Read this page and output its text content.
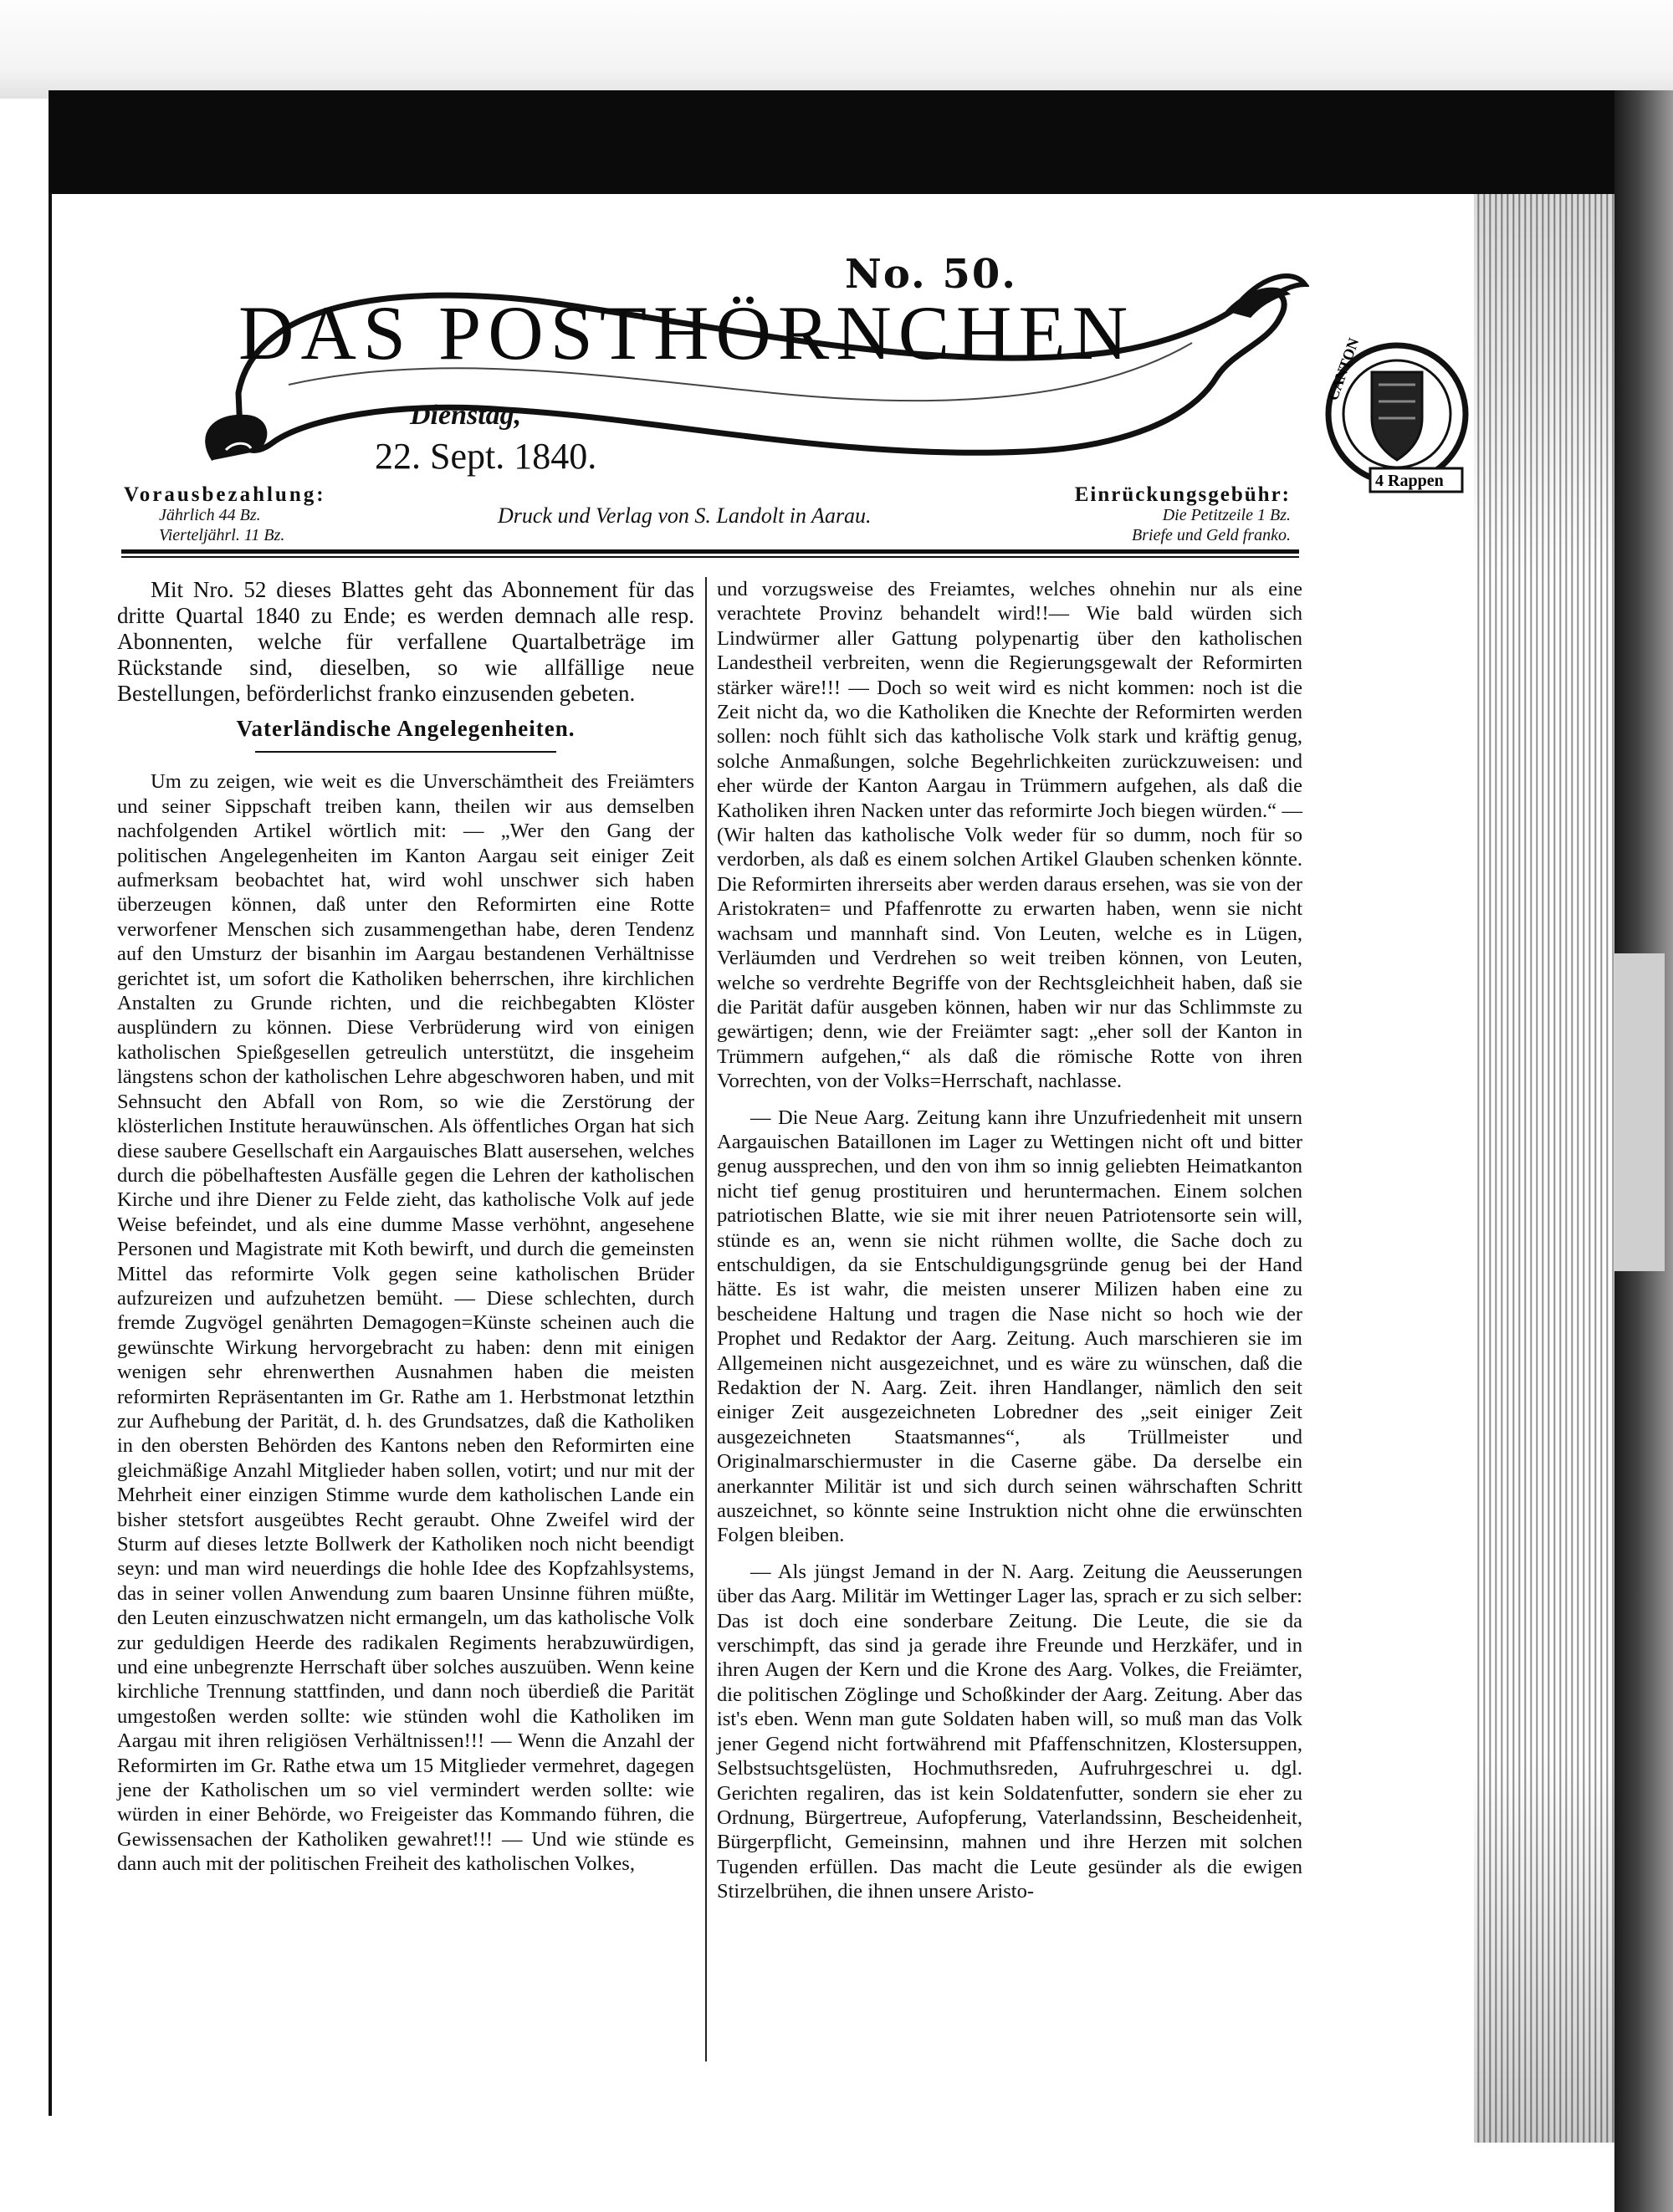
DAS POSTHÖRNCHEN
No. 50.
Dienstag,
22. Sept. 1840.
CANTON
4 Rappen
Vorausbezahlung:
Jährlich 44 Bz.
Vierteljährl. 11 Bz.
Druck und Verlag von S. Landolt in Aarau.
Einrückungsgebühr:
Die Petitzeile 1 Bz.
Briefe und Geld franko.

Mit Nro. 52 dieses Blattes geht das Abonnement für das dritte Quartal 1840 zu Ende; es werden demnach alle resp. Abonnenten, welche für verfallene Quartalbeträge im Rückstande sind, dieselben, so wie allfällige neue Bestellungen, beförderlichst franko einzusenden gebeten.

Vaterländische Angelegenheiten.

Um zu zeigen, wie weit es die Unverschämtheit des Freiämters und seiner Sippschaft treiben kann, theilen wir aus demselben nachfolgenden Artikel wörtlich mit: — „Wer den Gang der politischen Angelegenheiten im Kanton Aargau seit einiger Zeit aufmerksam beobachtet hat, wird wohl unschwer sich haben überzeugen können, daß unter den Reformirten eine Rotte verworfener Menschen sich zusammengethan habe, deren Tendenz auf den Umsturz der bisanhin im Aargau bestandenen Verhältnisse gerichtet ist, um sofort die Katholiken beherrschen, ihre kirchlichen Anstalten zu Grunde richten, und die reichbegabten Klöster ausplündern zu können. Diese Verbrüderung wird von einigen katholischen Spießgesellen getreulich unterstützt, die insgeheim längstens schon der katholischen Lehre abgeschworen haben, und mit Sehnsucht den Abfall von Rom, so wie die Zerstörung der klösterlichen Institute herauwünschen. Als öffentliches Organ hat sich diese saubere Gesellschaft ein Aargauisches Blatt ausersehen, welches durch die pöbelhaftesten Ausfälle gegen die Lehren der katholischen Kirche und ihre Diener zu Felde zieht, das katholische Volk auf jede Weise befeindet, und als eine dumme Masse verhöhnt, angesehene Personen und Magistrate mit Koth bewirft, und durch die gemeinsten Mittel das reformirte Volk gegen seine katholischen Brüder aufzureizen und aufzuhetzen bemüht. — Diese schlechten, durch fremde Zugvögel genährten Demagogen=Künste scheinen auch die gewünschte Wirkung hervorgebracht zu haben: denn mit einigen wenigen sehr ehrenwerthen Ausnahmen haben die meisten reformirten Repräsentanten im Gr. Rathe am 1. Herbstmonat letzthin zur Aufhebung der Parität, d. h. des Grundsatzes, daß die Katholiken in den obersten Behörden des Kantons neben den Reformirten eine gleichmäßige Anzahl Mitglieder haben sollen, votirt; und nur mit der Mehrheit einer einzigen Stimme wurde dem katholischen Lande ein bisher stetsfort ausgeübtes Recht geraubt. Ohne Zweifel wird der Sturm auf dieses letzte Bollwerk der Katholiken noch nicht beendigt seyn: und man wird neuerdings die hohle Idee des Kopfzahlsystems, das in seiner vollen Anwendung zum baaren Unsinne führen müßte, den Leuten einzuschwatzen nicht ermangeln, um das katholische Volk zur geduldigen Heerde des radikalen Regiments herabzuwürdigen, und eine unbegrenzte Herrschaft über solches auszuüben. Wenn keine kirchliche Trennung stattfinden, und dann noch überdieß die Parität umgestoßen werden sollte: wie stünden wohl die Katholiken im Aargau mit ihren religiösen Verhältnissen!!! — Wenn die Anzahl der Reformirten im Gr. Rathe etwa um 15 Mitglieder vermehret, dagegen jene der Katholischen um so viel vermindert werden sollte: wie würden in einer Behörde, wo Freigeister das Kommando führen, die Gewissensachen der Katholiken gewahret!!! — Und wie stünde es dann auch mit der politischen Freiheit des katholischen Volkes,

und vorzugsweise des Freiamtes, welches ohnehin nur als eine verachtete Provinz behandelt wird!!— Wie bald würden sich Lindwürmer aller Gattung polypenartig über den katholischen Landestheil verbreiten, wenn die Regierungsgewalt der Reformirten stärker wäre!!! — Doch so weit wird es nicht kommen: noch ist die Zeit nicht da, wo die Katholiken die Knechte der Reformirten werden sollen: noch fühlt sich das katholische Volk stark und kräftig genug, solche Anmaßungen, solche Begehrlichkeiten zurückzuweisen: und eher würde der Kanton Aargau in Trümmern aufgehen, als daß die Katholiken ihren Nacken unter das reformirte Joch biegen würden.“ — (Wir halten das katholische Volk weder für so dumm, noch für so verdorben, als daß es einem solchen Artikel Glauben schenken könnte. Die Reformirten ihrerseits aber werden daraus ersehen, was sie von der Aristokraten= und Pfaffenrotte zu erwarten haben, wenn sie nicht wachsam und mannhaft sind. Von Leuten, welche es in Lügen, Verläumden und Verdrehen so weit treiben können, von Leuten, welche so verdrehte Begriffe von der Rechtsgleichheit haben, daß sie die Parität dafür ausgeben können, haben wir nur das Schlimmste zu gewärtigen; denn, wie der Freiämter sagt: „eher soll der Kanton in Trümmern aufgehen,“ als daß die römische Rotte von ihren Vorrechten, von der Volks=Herrschaft, nachlasse.

— Die Neue Aarg. Zeitung kann ihre Unzufriedenheit mit unsern Aargauischen Bataillonen im Lager zu Wettingen nicht oft und bitter genug aussprechen, und den von ihm so innig geliebten Heimatkanton nicht tief genug prostituiren und heruntermachen. Einem solchen patriotischen Blatte, wie sie mit ihrer neuen Patriotensorte sein will, stünde es an, wenn sie nicht rühmen wollte, die Sache doch zu entschuldigen, da sie Entschuldigungsgründe genug bei der Hand hätte. Es ist wahr, die meisten unserer Milizen haben eine zu bescheidene Haltung und tragen die Nase nicht so hoch wie der Prophet und Redaktor der Aarg. Zeitung. Auch marschieren sie im Allgemeinen nicht ausgezeichnet, und es wäre zu wünschen, daß die Redaktion der N. Aarg. Zeit. ihren Handlanger, nämlich den seit einiger Zeit ausgezeichneten Lobredner des „seit einiger Zeit ausgezeichneten Staatsmannes“, als Trüllmeister und Originalmarschiermuster in die Caserne gäbe. Da derselbe ein anerkannter Militär ist und sich durch seinen währschaften Schritt auszeichnet, so könnte seine Instruktion nicht ohne die erwünschten Folgen bleiben.

— Als jüngst Jemand in der N. Aarg. Zeitung die Aeusserungen über das Aarg. Militär im Wettinger Lager las, sprach er zu sich selber: Das ist doch eine sonderbare Zeitung. Die Leute, die sie da verschimpft, das sind ja gerade ihre Freunde und Herzkäfer, und in ihren Augen der Kern und die Krone des Aarg. Volkes, die Freiämter, die politischen Zöglinge und Schoßkinder der Aarg. Zeitung. Aber das ist's eben. Wenn man gute Soldaten haben will, so muß man das Volk jener Gegend nicht fortwährend mit Pfaffenschnitzen, Klostersuppen, Selbstsuchtsgelüsten, Hochmuthsreden, Aufruhrgeschrei u. dgl. Gerichten regaliren, das ist kein Soldatenfutter, sondern sie eher zu Ordnung, Bürgertreue, Aufopferung, Vaterlandssinn, Bescheidenheit, Bürgerpflicht, Gemeinsinn, mahnen und ihre Herzen mit solchen Tugenden erfüllen. Das macht die Leute gesünder als die ewigen Stirzelbrühen, die ihnen unsere Aristo-
